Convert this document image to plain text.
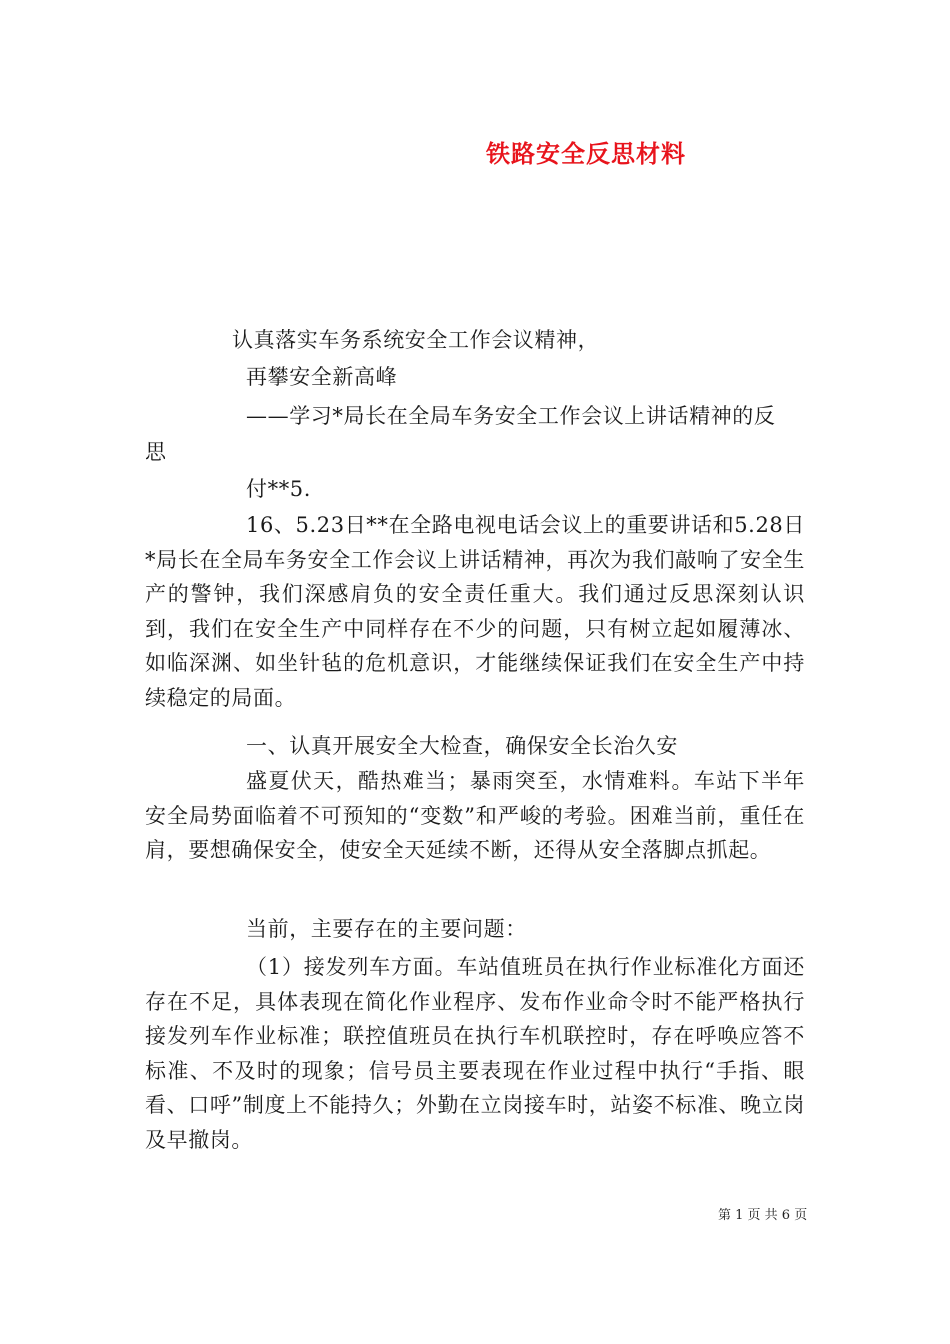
铁路安全反思材料
认真落实车务系统安全工作会议精神，
再攀安全新高峰
——学习*局长在全局车务安全工作会议上讲话精神的反
思
付**5.
16、5.23日**在全路电视电话会议上的重要讲话和5.28日*局长在全局车务安全工作会议上讲话精神，再次为我们敲响了安全生产的警钟，我们深感肩负的安全责任重大。我们通过反思深刻认识到，我们在安全生产中同样存在不少的问题，只有树立起如履薄冰、如临深渊、如坐针毡的危机意识，才能继续保证我们在安全生产中持续稳定的局面。
一、认真开展安全大检查，确保安全长治久安
盛夏伏天，酷热难当；暴雨突至，水情难料。车站下半年安全局势面临着不可预知的“变数”和严峻的考验。困难当前，重任在肩，要想确保安全，使安全天延续不断，还得从安全落脚点抓起。
当前，主要存在的主要问题：
（1）接发列车方面。车站值班员在执行作业标准化方面还存在不足，具体表现在简化作业程序、发布作业命令时不能严格执行接发列车作业标准；联控值班员在执行车机联控时，存在呼唤应答不标准、不及时的现象；信号员主要表现在作业过程中执行“手指、眼看、口呼”制度上不能持久；外勤在立岗接车时，站姿不标准、晚立岗及早撤岗。
第 1 页 共 6 页
